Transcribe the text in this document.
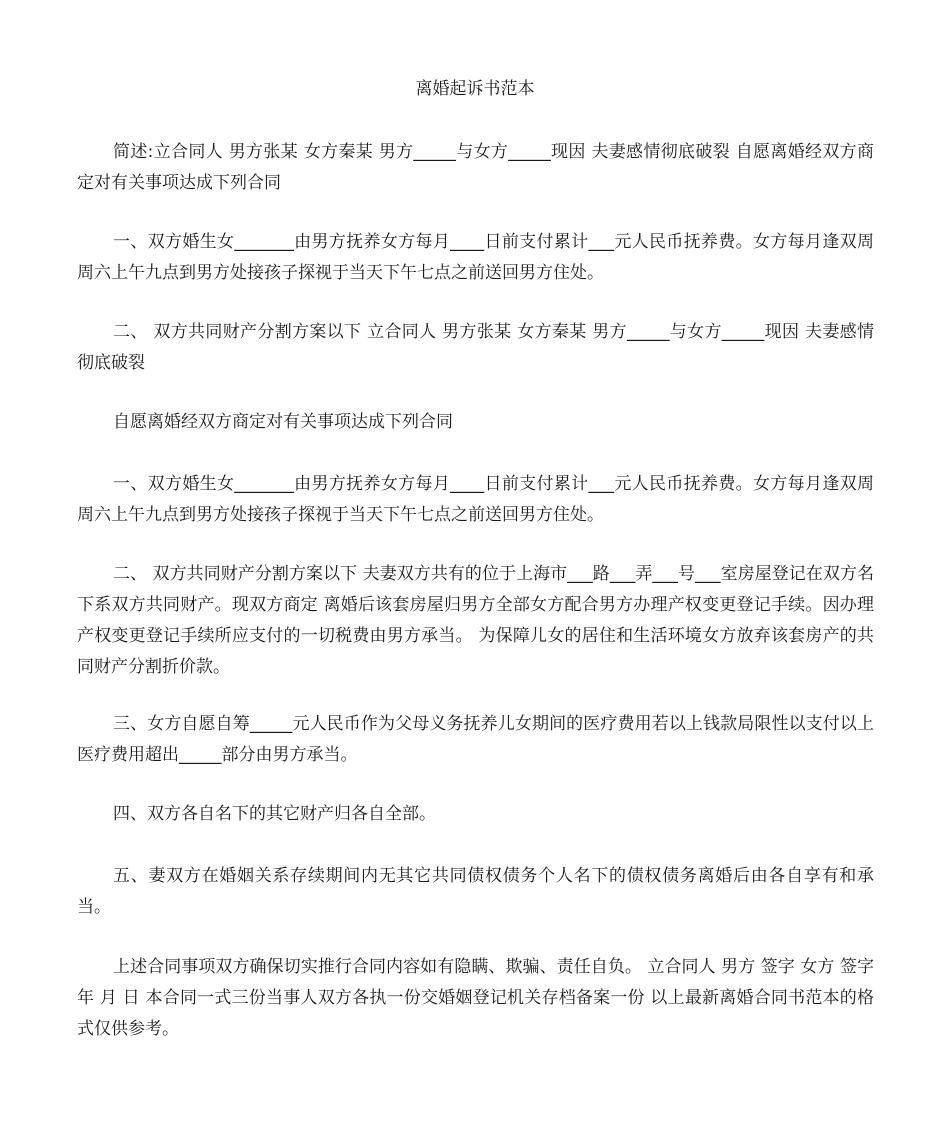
离婚起诉书范本

简述:立合同人 男方张某 女方秦某 男方_____与女方_____现因 夫妻感情彻底破裂 自愿离婚经双方商定对有关事项达成下列合同

一、双方婚生女_______由男方抚养女方每月____日前支付累计___元人民币抚养费。女方每月逢双周周六上午九点到男方处接孩子探视于当天下午七点之前送回男方住处。

二、 双方共同财产分割方案以下 立合同人 男方张某 女方秦某 男方_____与女方_____现因 夫妻感情彻底破裂

自愿离婚经双方商定对有关事项达成下列合同

一、双方婚生女_______由男方抚养女方每月____日前支付累计___元人民币抚养费。女方每月逢双周周六上午九点到男方处接孩子探视于当天下午七点之前送回男方住处。

二、 双方共同财产分割方案以下 夫妻双方共有的位于上海市___路___弄___号___室房屋登记在双方名下系双方共同财产。现双方商定 离婚后该套房屋归男方全部女方配合男方办理产权变更登记手续。因办理产权变更登记手续所应支付的一切税费由男方承当。 为保障儿女的居住和生活环境女方放弃该套房产的共同财产分割折价款。

三、女方自愿自筹_____元人民币作为父母义务抚养儿女期间的医疗费用若以上钱款局限性以支付以上医疗费用超出_____部分由男方承当。

四、双方各自名下的其它财产归各自全部。

五、妻双方在婚姻关系存续期间内无其它共同债权债务个人名下的债权债务离婚后由各自享有和承当。

上述合同事项双方确保切实推行合同内容如有隐瞒、欺骗、责任自负。 立合同人 男方 签字 女方 签字 年 月 日 本合同一式三份当事人双方各执一份交婚姻登记机关存档备案一份 以上最新离婚合同书范本的格式仅供参考。
